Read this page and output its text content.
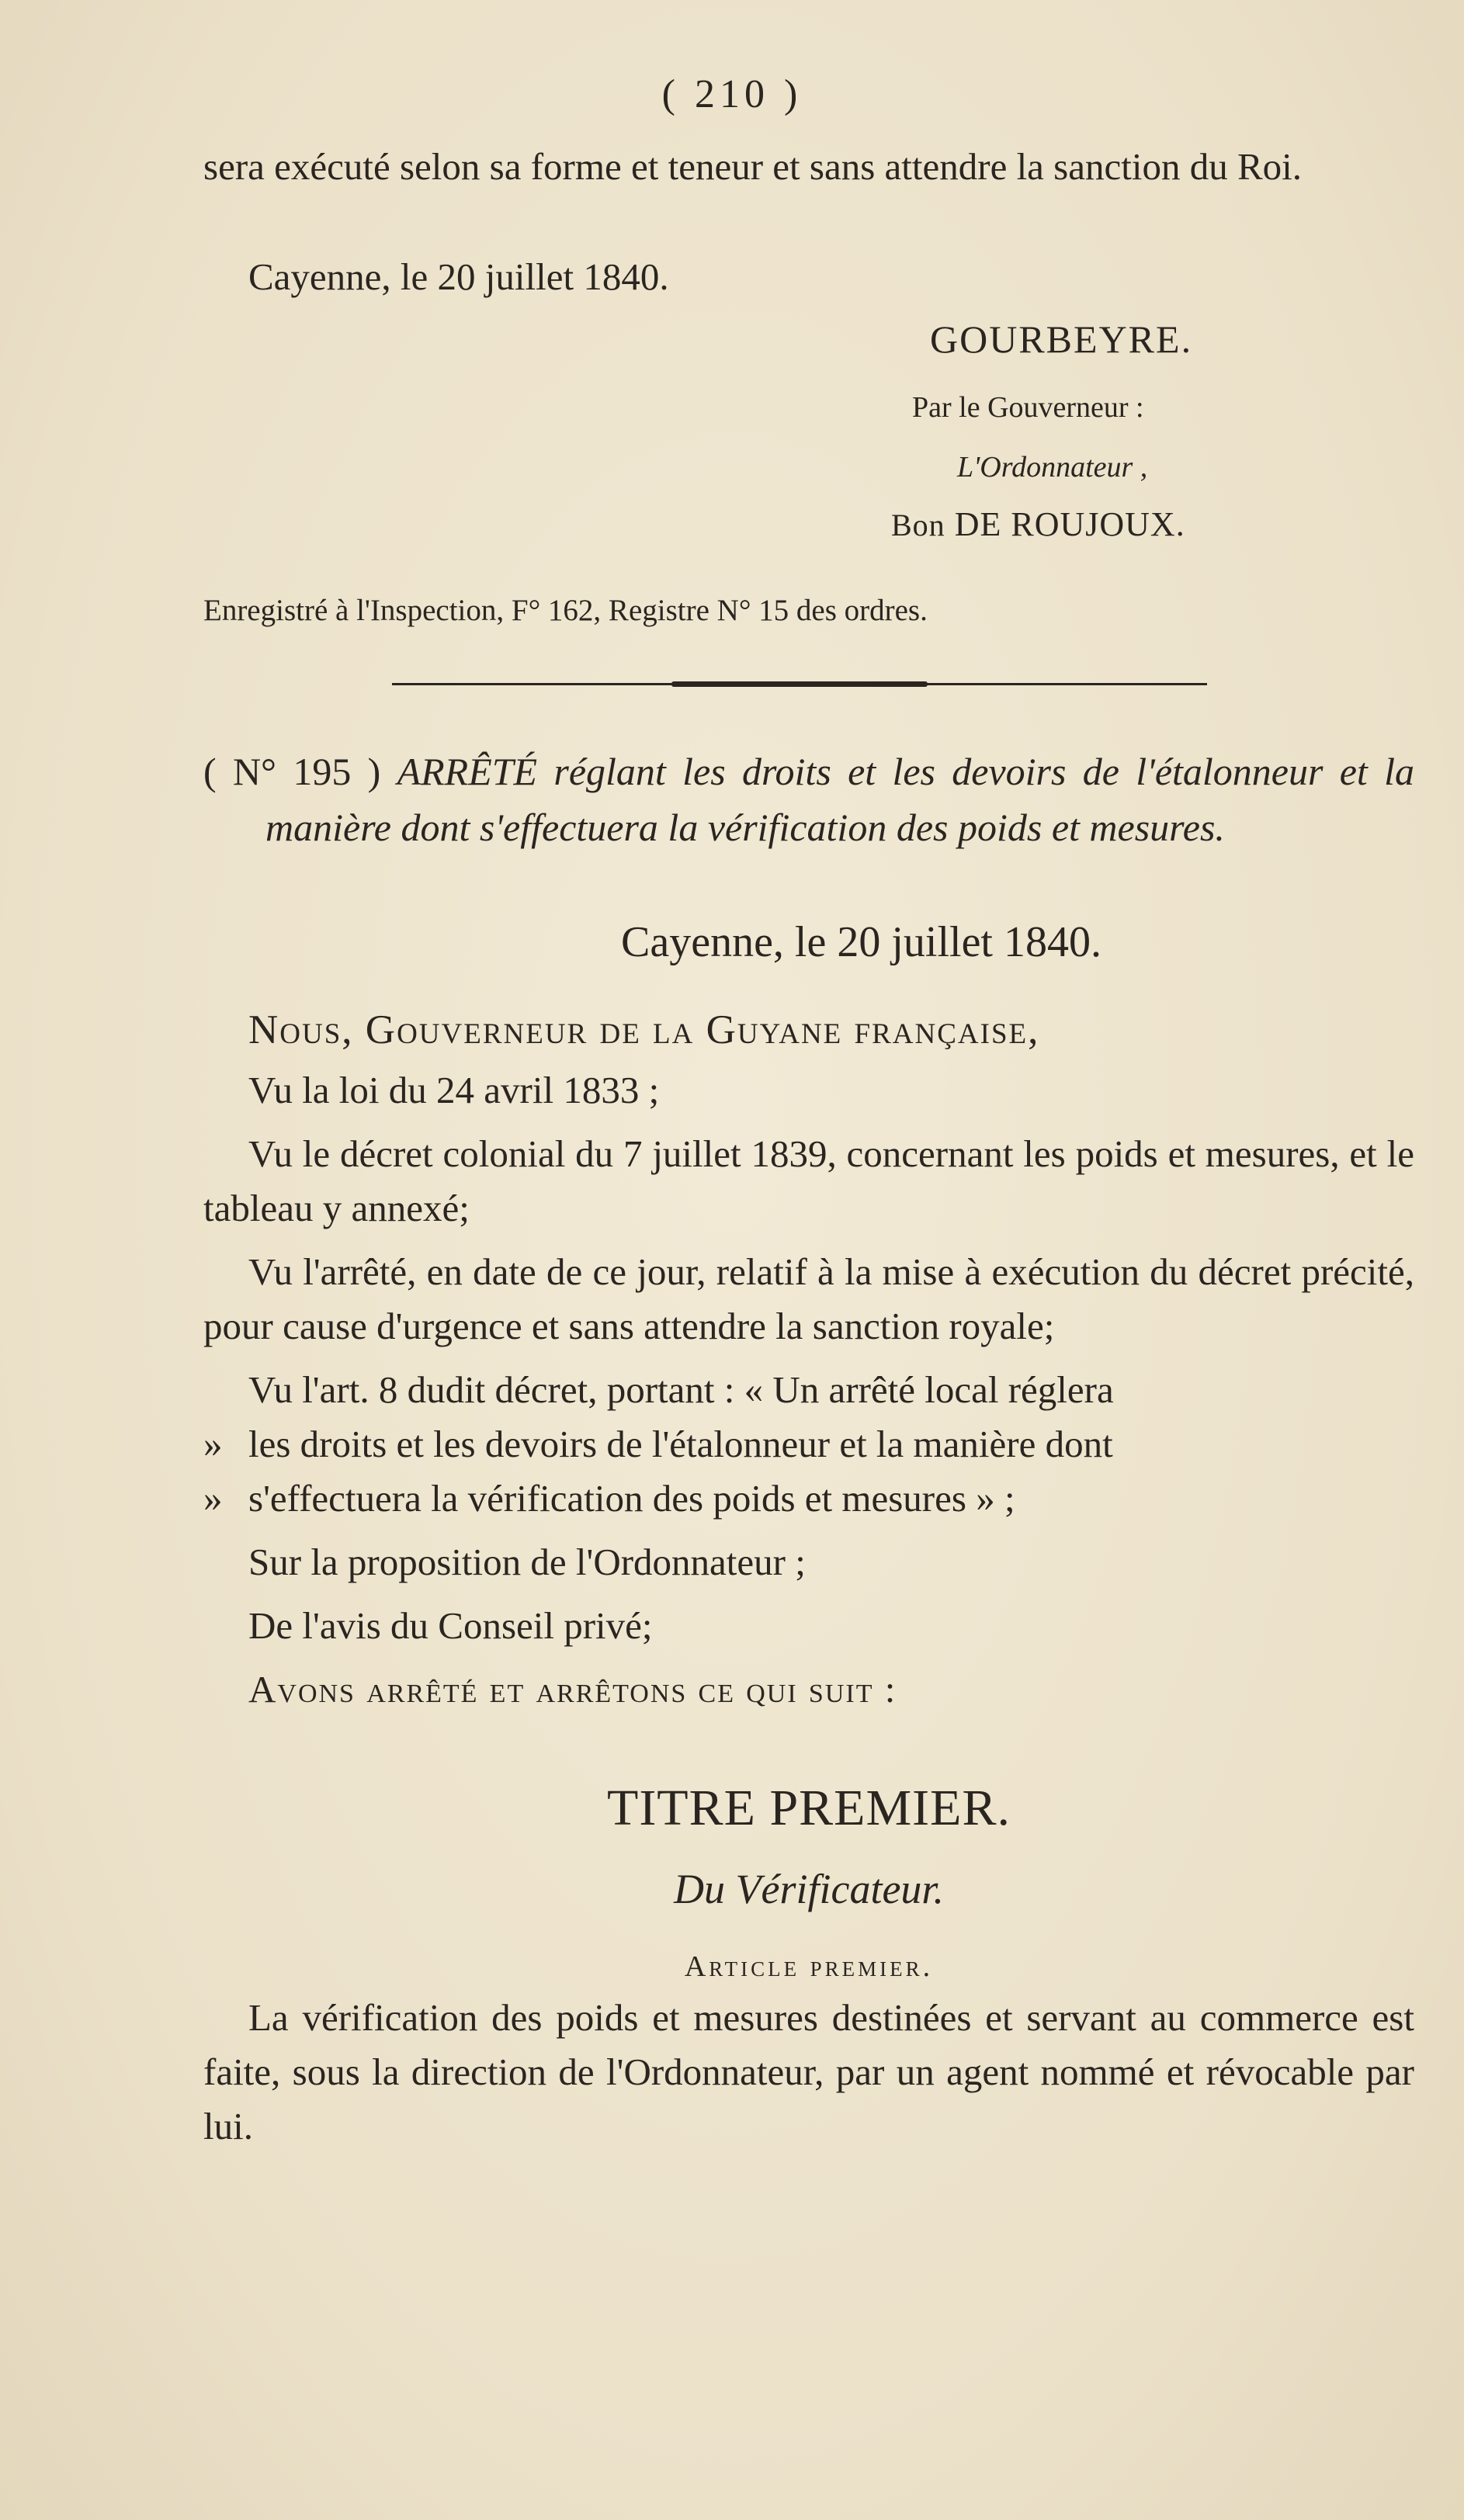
( 210 )
sera exécuté selon sa forme et teneur et sans attendre la sanction du Roi.

Cayenne, le 20 juillet 1840.

GOURBEYRE.
Par le Gouverneur :
L'Ordonnateur ,
Bon DE ROUJOUX.
Enregistré à l'Inspection, F° 162, Registre N° 15 des ordres.

( N° 195 ) ARRÊTÉ réglant les droits et les devoirs de l'étalonneur et la manière dont s'effectuera la vérification des poids et mesures.

Cayenne, le 20 juillet 1840.

Nous, Gouverneur de la Guyane française,

Vu la loi du 24 avril 1833 ;

Vu le décret colonial du 7 juillet 1839, concernant les poids et mesures, et le tableau y annexé;

Vu l'arrêté, en date de ce jour, relatif à la mise à exécution du décret précité, pour cause d'urgence et sans attendre la sanction royale;

Vu l'art. 8 dudit décret, portant : « Un arrêté local réglera

» les droits et les devoirs de l'étalonneur et la manière dont

» s'effectuera la vérification des poids et mesures » ;

Sur la proposition de l'Ordonnateur ;

De l'avis du Conseil privé;

Avons arrêté et arrêtons ce qui suit :

TITRE PREMIER.
Du Vérificateur.
Article premier.

La vérification des poids et mesures destinées et servant au commerce est faite, sous la direction de l'Ordonnateur, par un agent nommé et révocable par lui.
